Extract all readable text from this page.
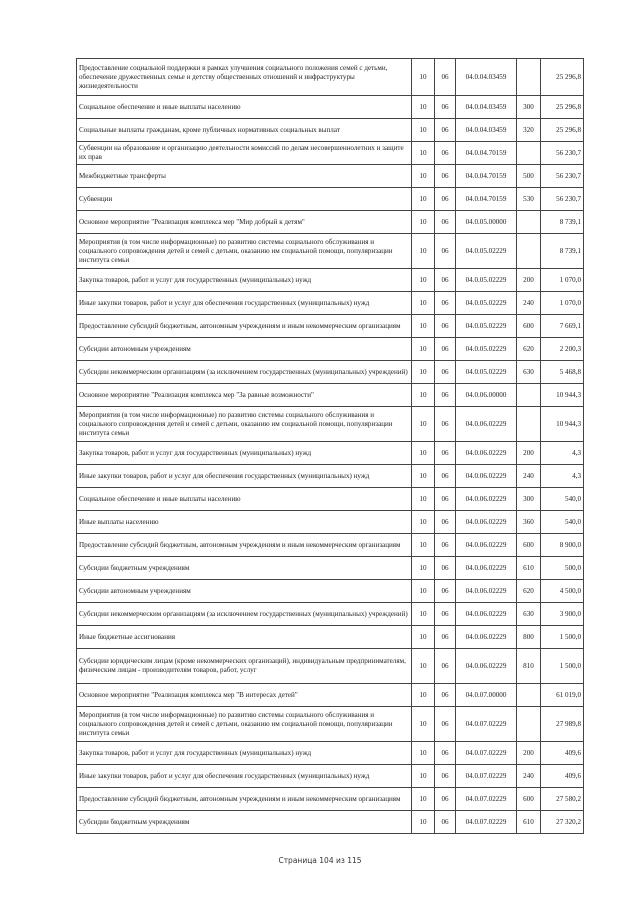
Предоставление социальной поддержки в рамках улучшения социального положения семей с детьми, обеспечение дружественных семье и детству общественных отношений и инфраструктуры жизнедеятельности	10	06	04.0.04.03459		25 296,8
Социальное обеспечение и иные выплаты населению	10	06	04.0.04.03459	300	25 296,8
Социальные выплаты гражданам, кроме публичных нормативных социальных выплат	10	06	04.0.04.03459	320	25 296,8
Субвенции на образование и организацию деятельности комиссий по делам несовершеннолетних и защите их прав	10	06	04.0.04.70159		56 230,7
Межбюджетные трансферты	10	06	04.0.04.70159	500	56 230,7
Субвенции	10	06	04.0.04.70159	530	56 230,7
Основное мероприятие "Реализация комплекса мер "Мир добрый к детям"	10	06	04.0.05.00000		8 739,1
Мероприятия (в том числе информационные) по развитию системы социального обслуживания и социального сопровождения детей и семей с детьми, оказанию им социальной помощи, популяризации института семьи	10	06	04.0.05.02229		8 739,1
Закупка товаров, работ и услуг для государственных (муниципальных) нужд	10	06	04.0.05.02229	200	1 070,0
Иные закупки товаров, работ и услуг для обеспечения государственных (муниципальных) нужд	10	06	04.0.05.02229	240	1 070,0
Предоставление субсидий бюджетным, автономным учреждениям и иным некоммерческим организациям	10	06	04.0.05.02229	600	7 669,1
Субсидии автономным учреждениям	10	06	04.0.05.02229	620	2 200,3
Субсидии некоммерческим организациям (за исключением государственных (муниципальных) учреждений)	10	06	04.0.05.02229	630	5 468,8
Основное мероприятие "Реализация комплекса мер "За равные возможности"	10	06	04.0.06.00000		10 944,3
Мероприятия (в том числе информационные) по развитию системы социального обслуживания и социального сопровождения детей и семей с детьми, оказанию им социальной помощи, популяризации института семьи	10	06	04.0.06.02229		10 944,3
Закупка товаров, работ и услуг для государственных (муниципальных) нужд	10	06	04.0.06.02229	200	4,3
Иные закупки товаров, работ и услуг для обеспечения государственных (муниципальных) нужд	10	06	04.0.06.02229	240	4,3
Социальное обеспечение и иные выплаты населению	10	06	04.0.06.02229	300	540,0
Иные выплаты населению	10	06	04.0.06.02229	360	540,0
Предоставление субсидий бюджетным, автономным учреждениям и иным некоммерческим организациям	10	06	04.0.06.02229	600	8 900,0
Субсидии бюджетным учреждениям	10	06	04.0.06.02229	610	500,0
Субсидии автономным учреждениям	10	06	04.0.06.02229	620	4 500,0
Субсидии некоммерческим организациям (за исключением государственных (муниципальных) учреждений)	10	06	04.0.06.02229	630	3 900,0
Иные бюджетные ассигнования	10	06	04.0.06.02229	800	1 500,0
Субсидии юридическим лицам (кроме некоммерческих организаций), индивидуальным предпринимателям, физическим лицам - производителям товаров, работ, услуг	10	06	04.0.06.02229	810	1 500,0
Основное мероприятие "Реализация комплекса мер "В интересах детей"	10	06	04.0.07.00000		61 019,0
Мероприятия (в том числе информационные) по развитию системы социального обслуживания и социального сопровождения детей и семей с детьми, оказанию им социальной помощи, популяризации института семьи	10	06	04.0.07.02229		27 989,8
Закупка товаров, работ и услуг для государственных (муниципальных) нужд	10	06	04.0.07.02229	200	409,6
Иные закупки товаров, работ и услуг для обеспечения государственных (муниципальных) нужд	10	06	04.0.07.02229	240	409,6
Предоставление субсидий бюджетным, автономным учреждениям и иным некоммерческим организациям	10	06	04.0.07.02229	600	27 580,2
Субсидии бюджетным учреждениям	10	06	04.0.07.02229	610	27 320,2
Страница 104 из 115
